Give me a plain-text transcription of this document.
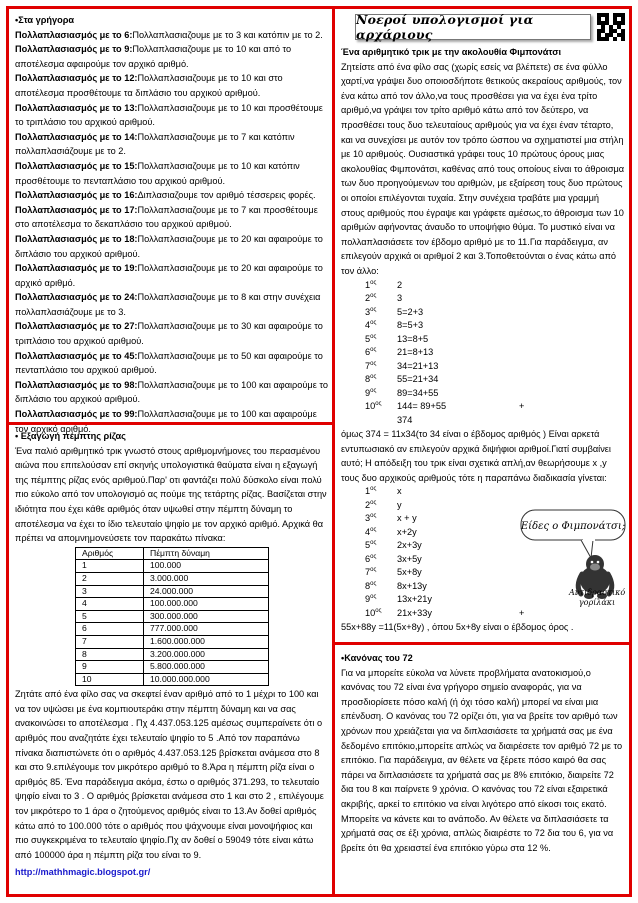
•Στα γρήγορα

Πολλαπλασιασμός με το 6:Πολλαπλασιαζουμε με το 3 και κατόπιν με το 2.

Πολλαπλασιασμός με το 9:Πολλαπλασιαζουμε με το 10 και από το αποτέλεσμα αφαιρούμε τον αρχικό αριθμό.

Πολλαπλασιασμός με το 12:Πολλαπλασιαζουμε με το 10 και στο αποτέλεσμα προσθέτουμε τα διπλάσιο του αρχικού αριθμού.

Πολλαπλασιασμός με το 13:Πολλαπλασιαζουμε με το 10 και προσθέτουμε το τριπλάσιο του αρχικού αριθμού.

Πολλαπλασιασμός με το 14:Πολλαπλασιαζουμε με το 7 και κατόπιν πολλαπλασιάζουμε με το 2.

Πολλαπλασιασμός με το 15:Πολλαπλασιαζουμε με το 10 και κατόπιν προσθέτουμε το πενταπλάσιο του αρχικού αριθμού.

Πολλαπλασιασμός με το 16:Διπλασιαζουμε τον αριθμό τέσσερεις φορές.

Πολλαπλασιασμός με το 17:Πολλαπλασιαζουμε με το 7 και προσθέτουμε στο αποτέλεσμα το δεκαπλάσιο του αρχικού αριθμού.

Πολλαπλασιασμός με το 18:Πολλαπλασιαζουμε με το 20 και αφαιρούμε το διπλάσιο του αρχικού αριθμού.

Πολλαπλασιασμός με το 19:Πολλαπλασιαζουμε με το 20 και αφαιρούμε το αρχικό αριθμό.

Πολλαπλασιασμός με το 24:Πολλαπλασιαζουμε με το 8 και στην συνέχεια πολλαπλασιάζουμε με το 3.

Πολλαπλασιασμός με το 27:Πολλαπλασιαζουμε με το 30 και αφαιρούμε το τριπλάσιο του αρχικού αριθμού.

Πολλαπλασιασμός με το 45:Πολλαπλασιαζουμε με το 50 και αφαιρούμε το πενταπλάσιο του αρχικού αριθμού.

Πολλαπλασιασμός με το 98:Πολλαπλασιαζουμε με το 100 και αφαιρούμε το διπλάσιο του αρχικού αριθμού.

Πολλαπλασιασμός με το 99:Πολλαπλασιαζουμε με το 100 και αφαιρούμε τον αρχικό αριθμό.

• Εξαγωγή πέμπτης ρίζας

Ένα παλιό αριθμητικό τρικ γνωστό στους αριθμομνήμονες του περασμένου αιώνα που επιτελούσαν επί σκηνής υπολογιστικά θαύματα είναι η εξαγωγή της πέμπτης ρίζας ενός αριθμού.Παρ' οτι φαντάζει πολύ δύσκολο είναι πολύ πιο εύκολο από τον υπολογισμό ας πούμε της τετάρτης ρίζας. Βασίζεται στην ιδιότητα που έχει κάθε αριθμός όταν υψωθεί στην πέμπτη δύναμη το αποτέλεσμα να έχει το ίδιο τελευταίο ψηφίο με τον αρχικό αριθμό. Αρχικά θα πρέπει να απομνημονεύσετε τον παρακάτω πίνακα:

Αριθμός	Πέμπτη δύναμη
1	100.000
2	3.000.000
3	24.000.000
4	100.000.000
5	300.000.000
6	777.000.000
7	1.600.000.000
8	3.200.000.000
9	5.800.000.000
10	10.000.000.000

Ζητάτε από ένα φίλο σας να σκεφτεί έναν αριθμό από το 1 μέχρι το 100 και να τον υψώσει με ένα κομπιουτεράκι στην πέμπτη δύναμη και να σας ανακοινώσει το αποτέλεσμα . Πχ 4.437.053.125 αμέσως συμπεραίνετε ότι ο αριθμός που αναζητάτε έχει τελευταίο ψηφίο το 5 .Από τον παραπάνω πίνακα διαπιστώνετε ότι ο αριθμός 4.437.053.125 βρίσκεται ανάμεσα στο 8 και στο 9.επιλέγουμε τον μικρότερο αριθμό το 8.Άρα η πέμπτη ρίζα είναι ο αριθμός 85. Ένα παράδειγμα ακόμα, έστω ο αριθμός 371.293, το τελευταίο ψηφίο είναι το 3 . Ο αριθμός βρίσκεται ανάμεσα στο 1 και στο 2 , επιλέγουμε τον μικρότερο το 1 άρα ο ζητούμενος αριθμός είναι το 13.Αν δοθεί αριθμός κάτω από το 100.000 τότε ο αριθμός που ψάχνουμε είναι μονοψήφιος και πιο συγκεκριμένα το τελευταίο ψηφίο.Πχ αν δοθεί ο 59049 τότε είναι κάτω από 100000 άρα η πέμπτη ρίζα του είναι το 9.

http://mathhmagic.blogspot.gr/
Νοεροί υπολογισμοί για αρχάριους

Ένα αριθμητικό τρικ με την ακολουθία Φιμπονάτσι

Ζητείστε από ένα φίλο σας (χωρίς εσείς να βλέπετε) σε ένα φύλλο χαρτί,να γράψει δυο οποιοσδήποτε θετικούς ακεραίους αριθμούς, τον ένα κάτω από τον άλλο,να τους προσθέσει για να έχει ένα τρίτο αριθμό,να γράψει τον τρίτο αριθμό κάτω από τον δεύτερο, να προσθέσει τους δυο τελευταίους αριθμούς για να έχει έναν τέταρτο, και να συνεχίσει με αυτόν τον τρόπο ώσπου να σχηματιστεί μια στήλη με 10 αριθμούς. Ουσιαστικά γράφει τους 10 πρώτους όρους μιας ακολουθίας Φιμπονάτσι, καθένας από τους οποίους είναι το άθροισμα των δυο προηγούμενων του αριθμών, με εξαίρεση τους δυο πρώτους οι οποίοι επιλέγονται τυχαία. Στην συνέχεια τραβάτε μια γραμμή στους αριθμούς που έγραψε και γράφετε αμέσως,το άθροισμα των 10 αριθμών αφήνοντας άναυδο το υποψήφιο θύμα. Το μυστικό είναι να πολλαπλασιάσετε τον έβδομο αριθμό με το 11.Για παράδειγμα, αν επιλεγούν αρχικά οι αριθμοί 2 και 3.Τοποθετούνται ο ένας κάτω από τον άλλο:

$1^{o\varsigma}$	2
$2^{o\varsigma}$	3
$3^{o\varsigma}$	5=2+3
$4^{o\varsigma}$	8=5+3
$5^{o\varsigma}$	13=8+5
$6^{o\varsigma}$	21=8+13
$7^{o\varsigma}$	34=21+13
$8^{o\varsigma}$	55=21+34
$9^{o\varsigma}$	89=34+55
$10^{o\varsigma}$	144= 89+55	+
374

όμως 374 = 11x34(το 34 είναι ο έβδομος αριθμός ) Είναι αρκετά εντυπωσιακό αν επιλεγούν αρχικά διψήφιοι αριθμοί.Γιατί συμβαίνει αυτό; Η απόδειξη του τρικ είναι σχετικά απλή,αν θεωρήσουμε x ,y τους δυο αρχικούς αριθμούς τότε η παραπάνω διαδικασία γίνεται:

$1^{o\varsigma}$	x
$2^{o\varsigma}$	y
$3^{o\varsigma}$	x + y
$4^{o\varsigma}$	x+2y
$5^{o\varsigma}$	2x+3y
$6^{o\varsigma}$	3x+5y
$7^{o\varsigma}$	5x+8y
$8^{o\varsigma}$	8x+13y
$9^{o\varsigma}$	13x+21y
$10^{o\varsigma}$	21x+33y	+

55x+88y =11(5x+8y) , όπου 5x+8y είναι ο έβδομος όρος .

Είδες ο Φιμπονάτσι;
Αντιδραστικό γορίλάκι

•Κανόνας του 72

Για να μπορείτε εύκολα να λύνετε προβλήματα ανατοκισμού,ο κανόνας του 72 είναι ένα γρήγορο σημείο αναφοράς, για να προσδιορίσετε πόσο καλή (ή όχι τόσο καλή) μπορεί να είναι μια επένδυση. Ο κανόνας του 72 ορίζει ότι, για να βρείτε τον αριθμό των χρόνων που χρειάζεται για να διπλασιάσετε τα χρήματά σας με ένα δεδομένο επιτόκιο,μπορείτε απλώς να διαιρέσετε τον αριθμό 72 με το επιτόκιο. Για παράδειγμα, αν θέλετε να ξέρετε πόσο καιρό θα σας πάρει να διπλασιάσετε τα χρήματά σας με 8% επιτόκιο, διαιρείτε 72 δια του 8 και παίρνετε 9 χρόνια. Ο κανόνας του 72 είναι εξαιρετικά ακριβής, αρκεί το επιτόκιο να είναι λιγότερο από είκοσι τοις εκατό. Μπορείτε να κάνετε και το ανάποδο. Αν θέλετε να διπλασιάσετε τα χρήματά σας σε έξι χρόνια, απλώς διαιρέστε το 72 δια του 6, για να βρείτε ότι θα χρειαστεί ένα επιτόκιο γύρω στα 12 %.
